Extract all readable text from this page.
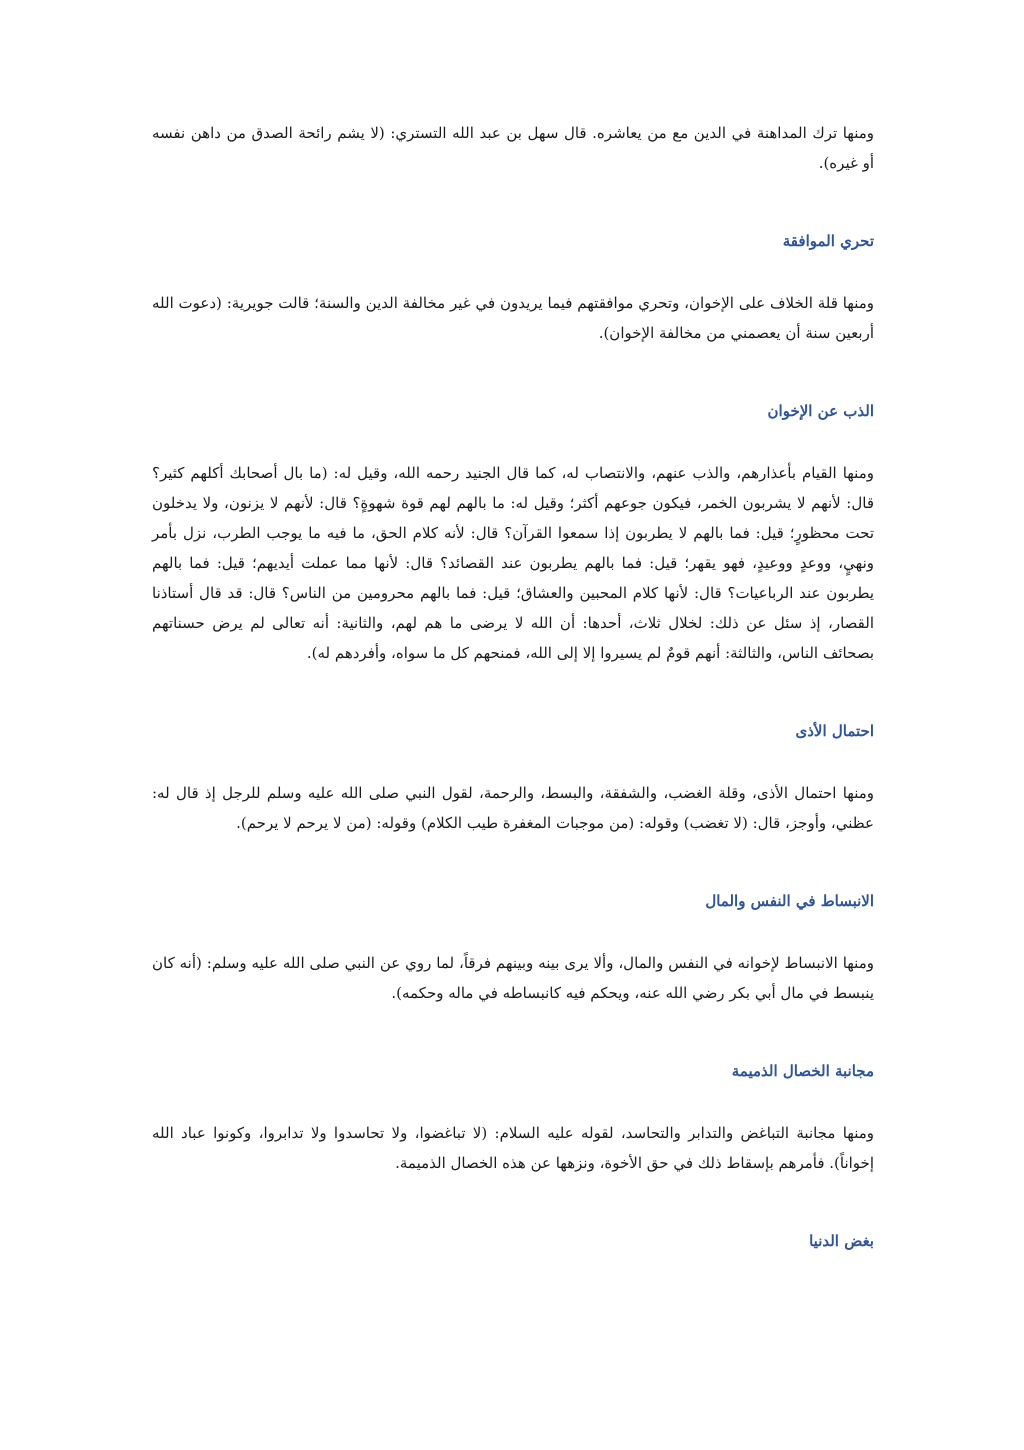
ومنها ترك المداهنة في الدين مع من يعاشره. قال سهل بن عبد الله التستري: (لا يشم رائحة الصدق من داهن نفسه أو غيره).

تحري الموافقة

ومنها قلة الخلاف على الإخوان، وتحري موافقتهم فيما يريدون في غير مخالفة الدين والسنة؛ قالت جويرية: (دعوت الله أربعين سنة أن يعصمني من مخالفة الإخوان).

الذب عن الإخوان

ومنها القيام بأعذارهم، والذب عنهم، والانتصاب له، كما قال الجنيد رحمه الله، وقيل له: (ما بال أصحابك أكلهم كثير؟ قال: لأنهم لا يشربون الخمر، فيكون جوعهم أكثر؛ وقيل له: ما بالهم لهم قوة شهوةٍ؟ قال: لأنهم لا يزنون، ولا يدخلون تحت محظورٍ؛ قيل: فما بالهم لا يطربون إذا سمعوا القرآن؟ قال: لأنه كلام الحق، ما فيه ما يوجب الطرب، نزل بأمر ونهيٍ، ووعدٍ ووعيدٍ، فهو يقهر؛ قيل: فما بالهم يطربون عند القصائد؟ قال: لأنها مما عملت أيديهم؛ قيل: فما بالهم يطربون عند الرباعيات؟ قال: لأنها كلام المحبين والعشاق؛ قيل: فما بالهم محرومين من الناس؟ قال: قد قال أستاذنا القصار، إذ سئل عن ذلك: لخلال ثلاث، أحدها: أن الله لا يرضى ما هم لهم، والثانية: أنه تعالى لم يرض حسناتهم بصحائف الناس، والثالثة: أنهم قومٌ لم يسيروا إلا إلى الله، فمنحهم كل ما سواه، وأفردهم له).

احتمال الأذى

ومنها احتمال الأذى، وقلة الغضب، والشفقة، والبسط، والرحمة، لقول النبي صلى الله عليه وسلم للرجل إذ قال له: عظني، وأوجز، قال: (لا تغضب) وقوله: (من موجبات المغفرة طيب الكلام) وقوله: (من لا يرحم لا يرحم).

الانبساط في النفس والمال

ومنها الانبساط لإخوانه في النفس والمال، وألا يرى بينه وبينهم فرقاً، لما روي عن النبي صلى الله عليه وسلم: (أنه كان ينبسط في مال أبي بكر رضي الله عنه، ويحكم فيه كانبساطه في ماله وحكمه).

مجانبة الخصال الذميمة

ومنها مجانبة التباغض والتدابر والتحاسد، لقوله عليه السلام: (لا تباغضوا، ولا تحاسدوا ولا تدابروا، وكونوا عباد الله إخواناً). فأمرهم بإسقاط ذلك في حق الأخوة، ونزهها عن هذه الخصال الذميمة.

بغض الدنيا
